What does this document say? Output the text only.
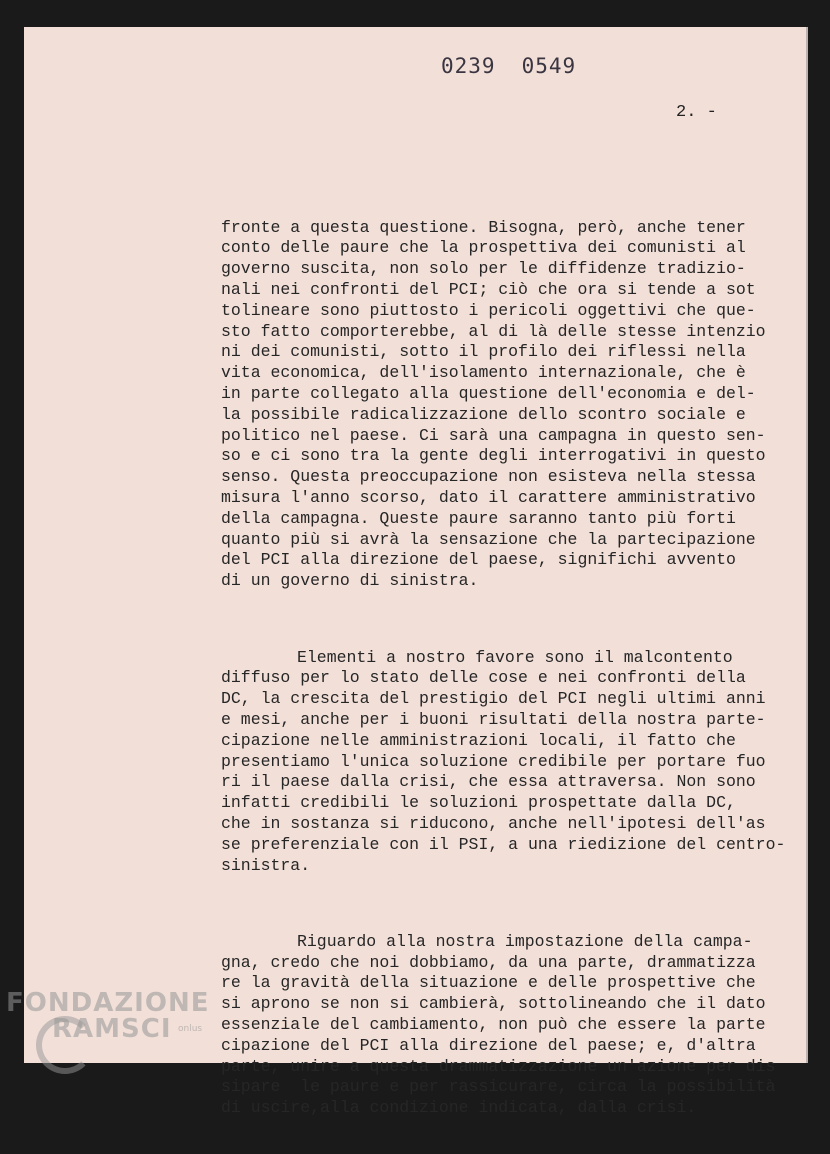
0239 0549
2. -

fronte a questa questione. Bisogna, però, anche tener
conto delle paure che la prospettiva dei comunisti al
governo suscita, non solo per le diffidenze tradizio-
nali nei confronti del PCI; ciò che ora si tende a sot
tolineare sono piuttosto i pericoli oggettivi che que-
sto fatto comporterebbe, al di là delle stesse intenzio
ni dei comunisti, sotto il profilo dei riflessi nella
vita economica, dell'isolamento internazionale, che è
in parte collegato alla questione dell'economia e del-
la possibile radicalizzazione dello scontro sociale e
politico nel paese. Ci sarà una campagna in questo sen-
so e ci sono tra la gente degli interrogativi in questo
senso. Questa preoccupazione non esisteva nella stessa
misura l'anno scorso, dato il carattere amministrativo
della campagna. Queste paure saranno tanto più forti
quanto più si avrà la sensazione che la partecipazione
del PCI alla direzione del paese, significhi avvento
di un governo di sinistra.

Elementi a nostro favore sono il malcontento
diffuso per lo stato delle cose e nei confronti della
DC, la crescita del prestigio del PCI negli ultimi anni
e mesi, anche per i buoni risultati della nostra parte-
cipazione nelle amministrazioni locali, il fatto che
presentiamo l'unica soluzione credibile per portare fuo
ri il paese dalla crisi, che essa attraversa. Non sono
infatti credibili le soluzioni prospettate dalla DC,
che in sostanza si riducono, anche nell'ipotesi dell'as
se preferenziale con il PSI, a una riedizione del centro-
sinistra.

Riguardo alla nostra impostazione della campa-
gna, credo che noi dobbiamo, da una parte, drammatizza
re la gravità della situazione e delle prospettive che
si aprono se non si cambierà, sottolineando che il dato
essenziale del cambiamento, non può che essere la parte
cipazione del PCI alla direzione del paese; e, d'altra
parte, unire a questa drammatizzazione un'azione per dis
sipare  le paure e per rassicurare, circa la possibilità
di uscire,alla condizione indicata, dalla crisi.

FONDAZIONE
RAMSCI onlus
